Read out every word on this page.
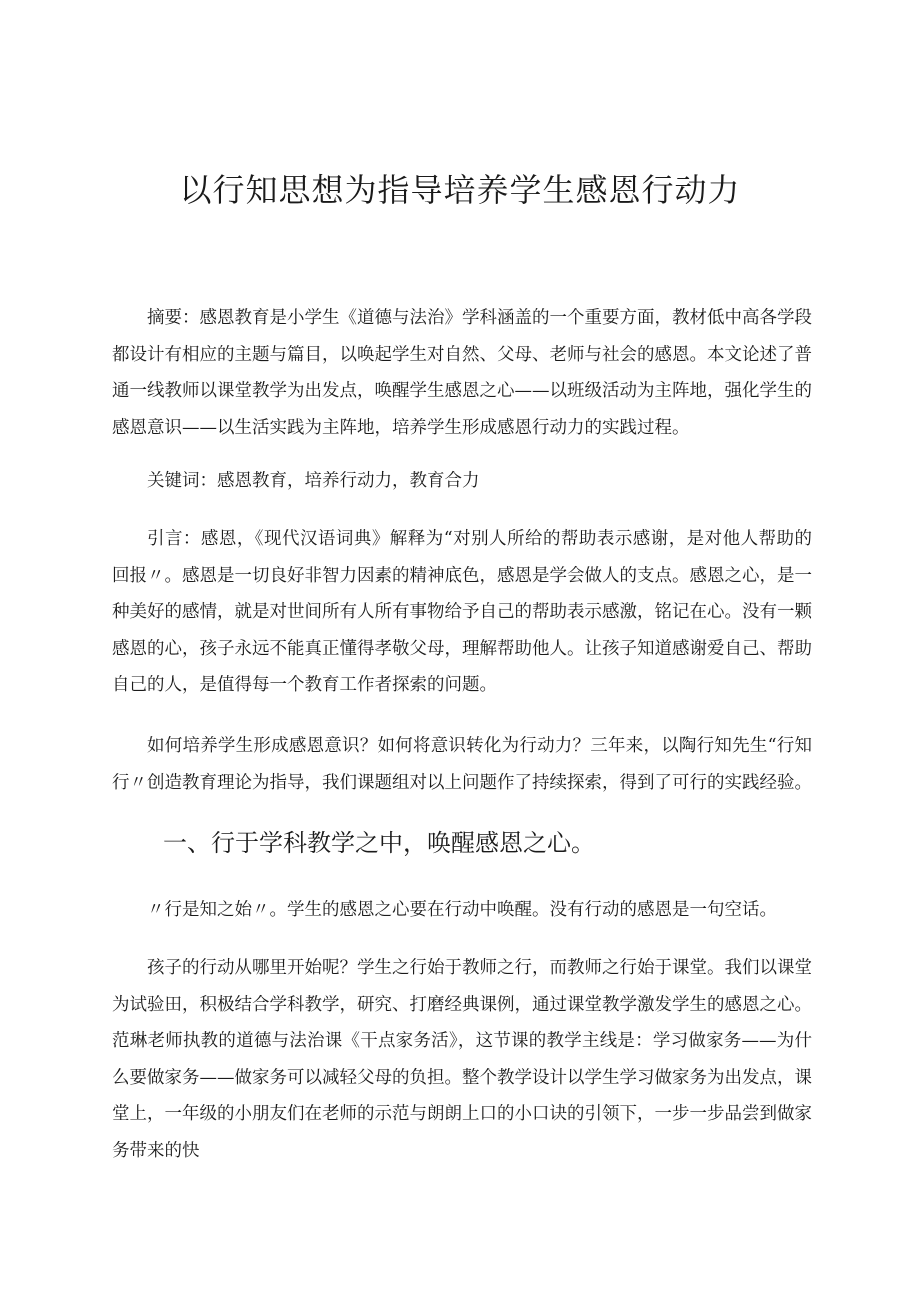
以行知思想为指导培养学生感恩行动力

摘要：感恩教育是小学生《道德与法治》学科涵盖的一个重要方面，教材低中高各学段都设计有相应的主题与篇目，以唤起学生对自然、父母、老师与社会的感恩。本文论述了普通一线教师以课堂教学为出发点，唤醒学生感恩之心——以班级活动为主阵地，强化学生的感恩意识——以生活实践为主阵地，培养学生形成感恩行动力的实践过程。

关键词：感恩教育，培养行动力，教育合力

引言：感恩，《现代汉语词典》解释为“对别人所给的帮助表示感谢，是对他人帮助的回报〃。感恩是一切良好非智力因素的精神底色，感恩是学会做人的支点。感恩之心，是一种美好的感情，就是对世间所有人所有事物给予自己的帮助表示感激，铭记在心。没有一颗感恩的心，孩子永远不能真正懂得孝敬父母，理解帮助他人。让孩子知道感谢爱自己、帮助自己的人，是值得每一个教育工作者探索的问题。

如何培养学生形成感恩意识？如何将意识转化为行动力？三年来，以陶行知先生“行知行〃创造教育理论为指导，我们课题组对以上问题作了持续探索，得到了可行的实践经验。

一、行于学科教学之中，唤醒感恩之心。

〃行是知之始〃。学生的感恩之心要在行动中唤醒。没有行动的感恩是一句空话。

孩子的行动从哪里开始呢？学生之行始于教师之行，而教师之行始于课堂。我们以课堂为试验田，积极结合学科教学，研究、打磨经典课例，通过课堂教学激发学生的感恩之心。范琳老师执教的道德与法治课《干点家务活》，这节课的教学主线是：学习做家务——为什么要做家务——做家务可以减轻父母的负担。整个教学设计以学生学习做家务为出发点，课堂上，一年级的小朋友们在老师的示范与朗朗上口的小口诀的引领下，一步一步品尝到做家务带来的快
